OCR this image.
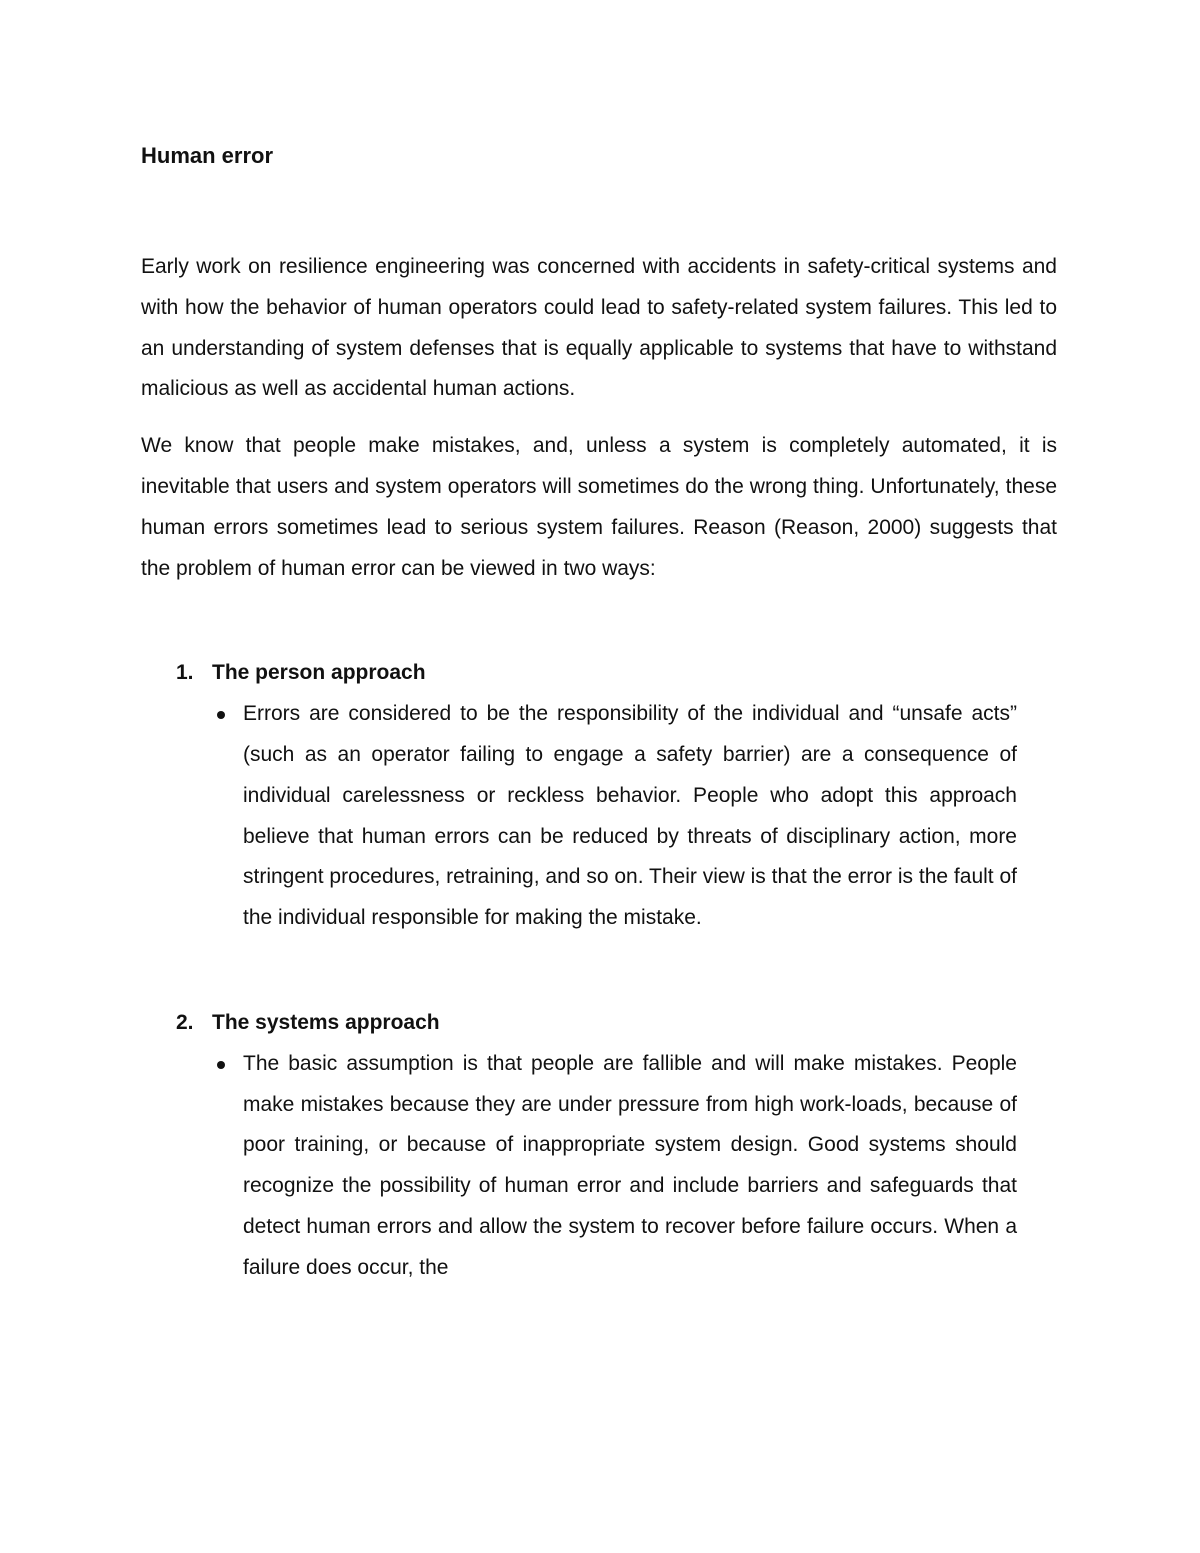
Human error

Early work on resilience engineering was concerned with accidents in safety-critical systems and with how the behavior of human operators could lead to safety-related system failures. This led to an understanding of system defenses that is equally applicable to systems that have to withstand malicious as well as accidental human actions.

We know that people make mistakes, and, unless a system is completely automated, it is inevitable that users and system operators will sometimes do the wrong thing. Unfortunately, these human errors sometimes lead to serious system failures. Reason (Reason, 2000) suggests that the problem of human error can be viewed in two ways:

1. The person approach
Errors are considered to be the responsibility of the individual and “unsafe acts” (such as an operator failing to engage a safety barrier) are a consequence of individual carelessness or reckless behavior. People who adopt this approach believe that human errors can be reduced by threats of disciplinary action, more stringent procedures, retraining, and so on. Their view is that the error is the fault of the individual responsible for making the mistake.
2. The systems approach
The basic assumption is that people are fallible and will make mistakes. People make mistakes because they are under pressure from high work-loads, because of poor training, or because of inappropriate system design. Good systems should recognize the possibility of human error and include barriers and safeguards that detect human errors and allow the system to recover before failure occurs. When a failure does occur, the
